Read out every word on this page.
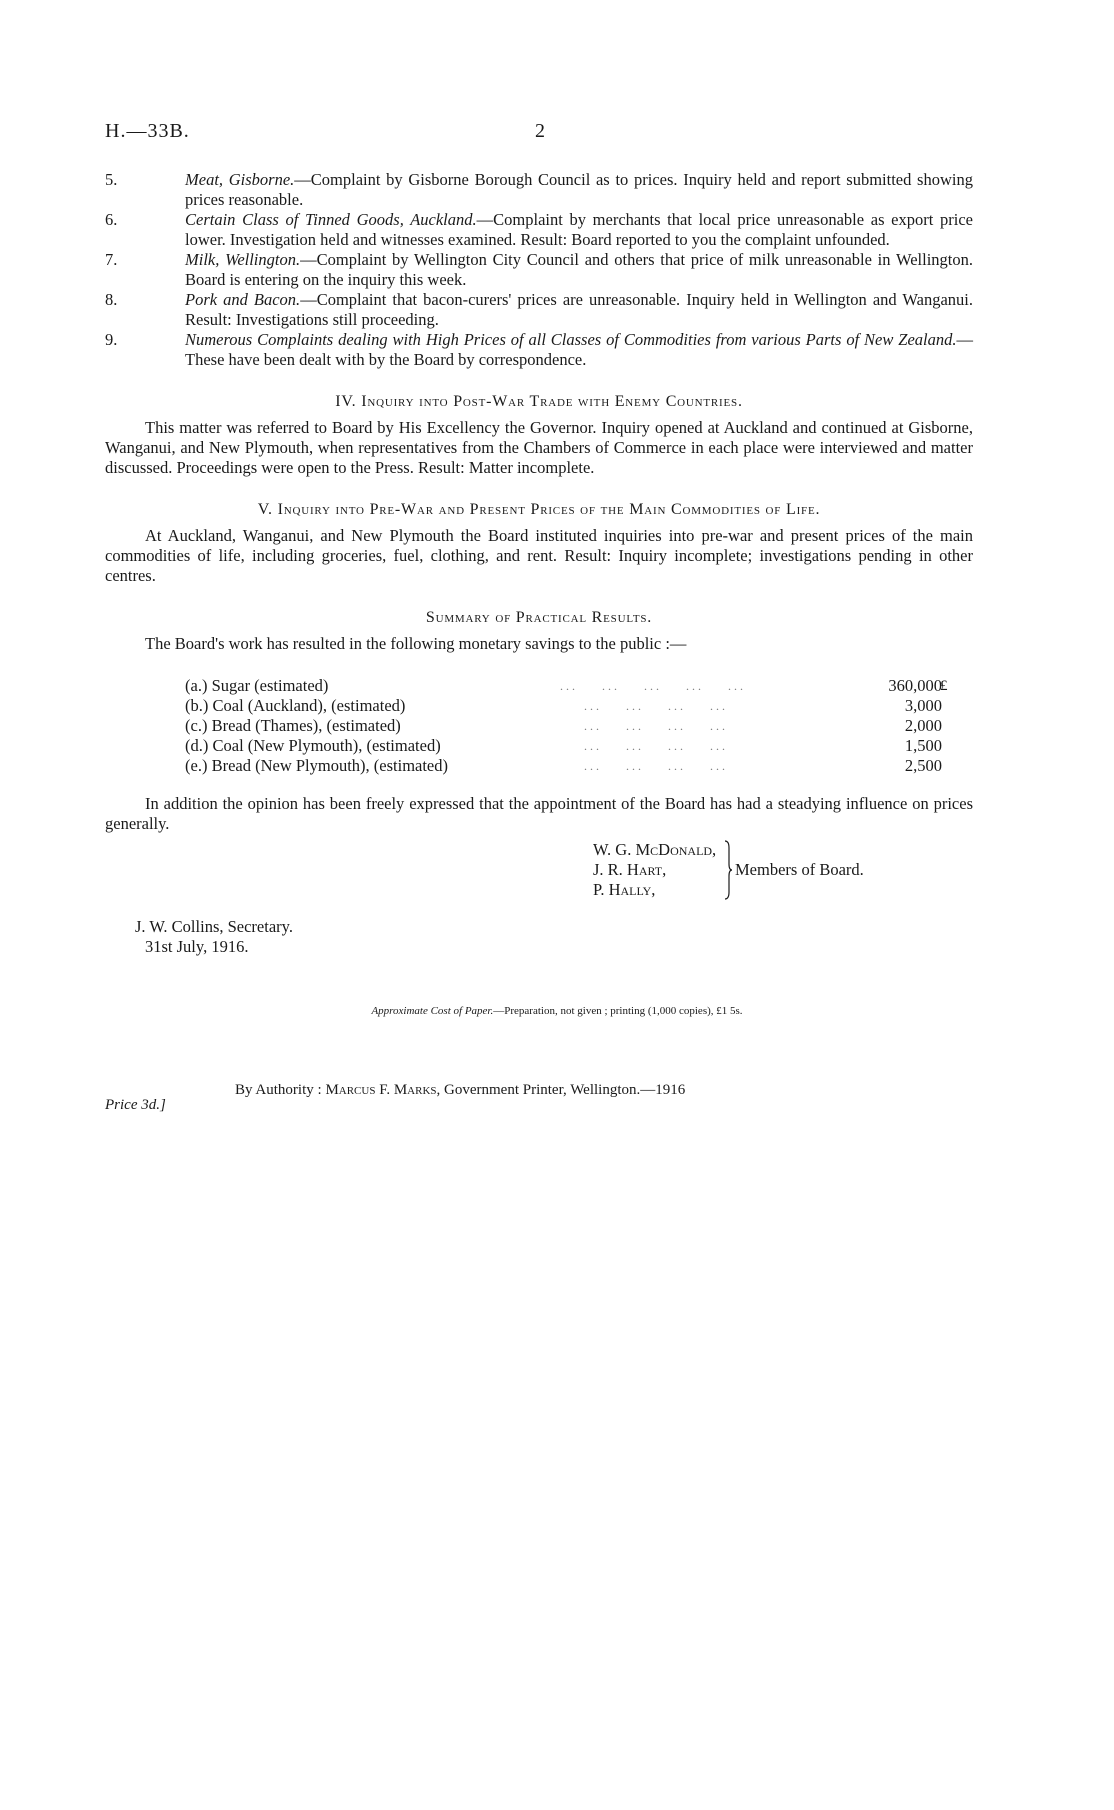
H.—33B.	2
5.	Meat, Gisborne.—Complaint by Gisborne Borough Council as to prices. Inquiry held and report submitted showing prices reasonable.
6.	Certain Class of Tinned Goods, Auckland.—Complaint by merchants that local price unreasonable as export price lower. Investigation held and witnesses examined. Result: Board reported to you the complaint unfounded.
7.	Milk, Wellington.—Complaint by Wellington City Council and others that price of milk unreasonable in Wellington. Board is entering on the inquiry this week.
8.	Pork and Bacon.—Complaint that bacon-curers' prices are unreasonable. Inquiry held in Wellington and Wanganui. Result: Investigations still proceeding.
9.	Numerous Complaints dealing with High Prices of all Classes of Commodities from various Parts of New Zealand.—These have been dealt with by the Board by correspondence.
IV. Inquiry into Post-War Trade with Enemy Countries.

This matter was referred to Board by His Excellency the Governor. Inquiry opened at Auckland and continued at Gisborne, Wanganui, and New Plymouth, when representatives from the Chambers of Commerce in each place were interviewed and matter discussed. Proceedings were open to the Press. Result: Matter incomplete.

V. Inquiry into Pre-War and Present Prices of the Main Commodities of Life.

At Auckland, Wanganui, and New Plymouth the Board instituted inquiries into pre-war and present prices of the main commodities of life, including groceries, fuel, clothing, and rent. Result: Inquiry incomplete; investigations pending in other centres.

Summary of Practical Results.

The Board's work has resulted in the following monetary savings to the public :—

£
(a.) Sugar (estimated)	...    ...    ...    ...    ...	360,000
(b.) Coal (Auckland), (estimated)	...    ...    ...    ...	3,000
(c.) Bread (Thames), (estimated)	...    ...    ...    ...	2,000
(d.) Coal (New Plymouth), (estimated)	...    ...    ...    ...	1,500
(e.) Bread (New Plymouth), (estimated)	...    ...    ...    ...	2,500

In addition the opinion has been freely expressed that the appointment of the Board has had a steadying influence on prices generally.

W. G. McDonald,
J. R. Hart,
P. Hally,
Members of Board.
J. W. Collins, Secretary.
31st July, 1916.
Approximate Cost of Paper.—Preparation, not given ; printing (1,000 copies), £1 5s.
Price 3d.]
By Authority : Marcus F. Marks, Government Printer, Wellington.—1916
